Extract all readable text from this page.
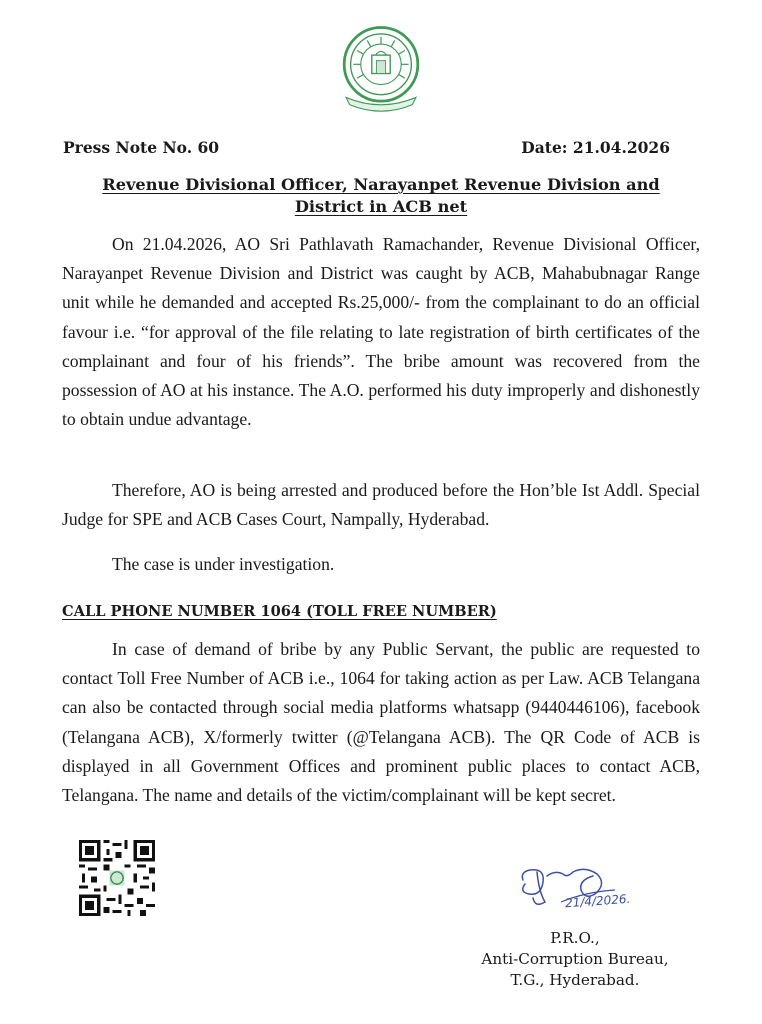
Press Note No. 60	Date: 21.04.2026
Revenue Divisional Officer, Narayanpet Revenue Division and
District in ACB net

On 21.04.2026, AO Sri Pathlavath Ramachander, Revenue Divisional Officer, Narayanpet Revenue Division and District was caught by ACB, Mahabubnagar Range unit while he demanded and accepted Rs.25,000/- from the complainant to do an official favour i.e. “for approval of the file relating to late registration of birth certificates of the complainant and four of his friends”. The bribe amount was recovered from the possession of AO at his instance. The A.O. performed his duty improperly and dishonestly to obtain undue advantage.

Therefore, AO is being arrested and produced before the Hon’ble Ist Addl. Special Judge for SPE and ACB Cases Court, Nampally, Hyderabad.

The case is under investigation.

CALL PHONE NUMBER 1064 (TOLL FREE NUMBER)

In case of demand of bribe by any Public Servant, the public are requested to contact Toll Free Number of ACB i.e., 1064 for taking action as per Law. ACB Telangana can also be contacted through social media platforms whatsapp (9440446106), facebook (Telangana ACB), X/formerly twitter (@Telangana ACB). The QR Code of ACB is displayed in all Government Offices and prominent public places to contact ACB, Telangana. The name and details of the victim/complainant will be kept secret.

21/4/2026.
P.R.O.,
Anti-Corruption Bureau,
T.G., Hyderabad.
